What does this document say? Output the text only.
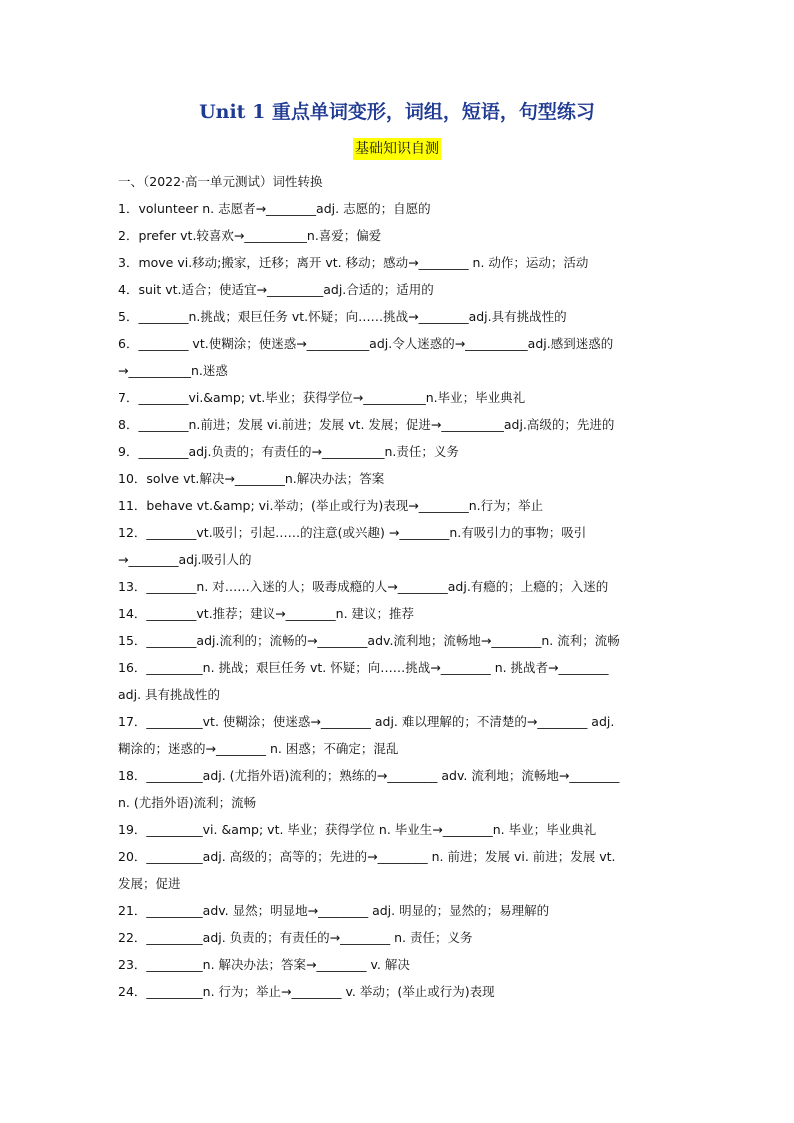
Unit 1 重点单词变形，词组，短语，句型练习
基础知识自测
一、（2022·高一单元测试）词性转换
1．volunteer n. 志愿者→________adj. 志愿的；自愿的
2．prefer vt.较喜欢→__________n.喜爱；偏爱
3．move vi.移动;搬家，迁移；离开 vt. 移动；感动→________ n. 动作；运动；活动
4．suit vt.适合；使适宜→_________adj.合适的；适用的
5．________n.挑战；艰巨任务 vt.怀疑；向……挑战→________adj.具有挑战性的
6．________ vt.使糊涂；使迷惑→__________adj.令人迷惑的→__________adj.感到迷惑的
→__________n.迷惑
7．________vi.&amp; vt.毕业；获得学位→__________n.毕业；毕业典礼
8．________n.前进；发展 vi.前进；发展 vt. 发展；促进→__________adj.高级的；先进的
9．________adj.负责的；有责任的→__________n.责任；义务
10．solve vt.解决→________n.解决办法；答案
11．behave vt.&amp; vi.举动；(举止或行为)表现→________n.行为；举止
12．________vt.吸引；引起……的注意(或兴趣) →________n.有吸引力的事物；吸引
→________adj.吸引人的
13．________n. 对……入迷的人；吸毒成瘾的人→________adj.有瘾的；上瘾的；入迷的
14．________vt.推荐；建议→________n. 建议；推荐
15．________adj.流利的；流畅的→________adv.流利地；流畅地→________n. 流利；流畅
16．_________n. 挑战；艰巨任务 vt. 怀疑；向……挑战→________ n. 挑战者→________
adj. 具有挑战性的
17．_________vt. 使糊涂；使迷惑→________ adj. 难以理解的；不清楚的→________ adj.
糊涂的；迷惑的→________ n. 困惑；不确定；混乱
18．_________adj. (尤指外语)流利的；熟练的→________ adv. 流利地；流畅地→________
n. (尤指外语)流利；流畅
19．_________vi. &amp; vt. 毕业；获得学位 n. 毕业生→________n. 毕业；毕业典礼
20．_________adj. 高级的；高等的；先进的→________ n. 前进；发展 vi. 前进；发展 vt.
发展；促进
21．_________adv. 显然；明显地→________ adj. 明显的；显然的；易理解的
22．_________adj. 负责的；有责任的→________ n. 责任；义务
23．_________n. 解决办法；答案→________ v. 解决
24．_________n. 行为；举止→________ v. 举动；(举止或行为)表现
